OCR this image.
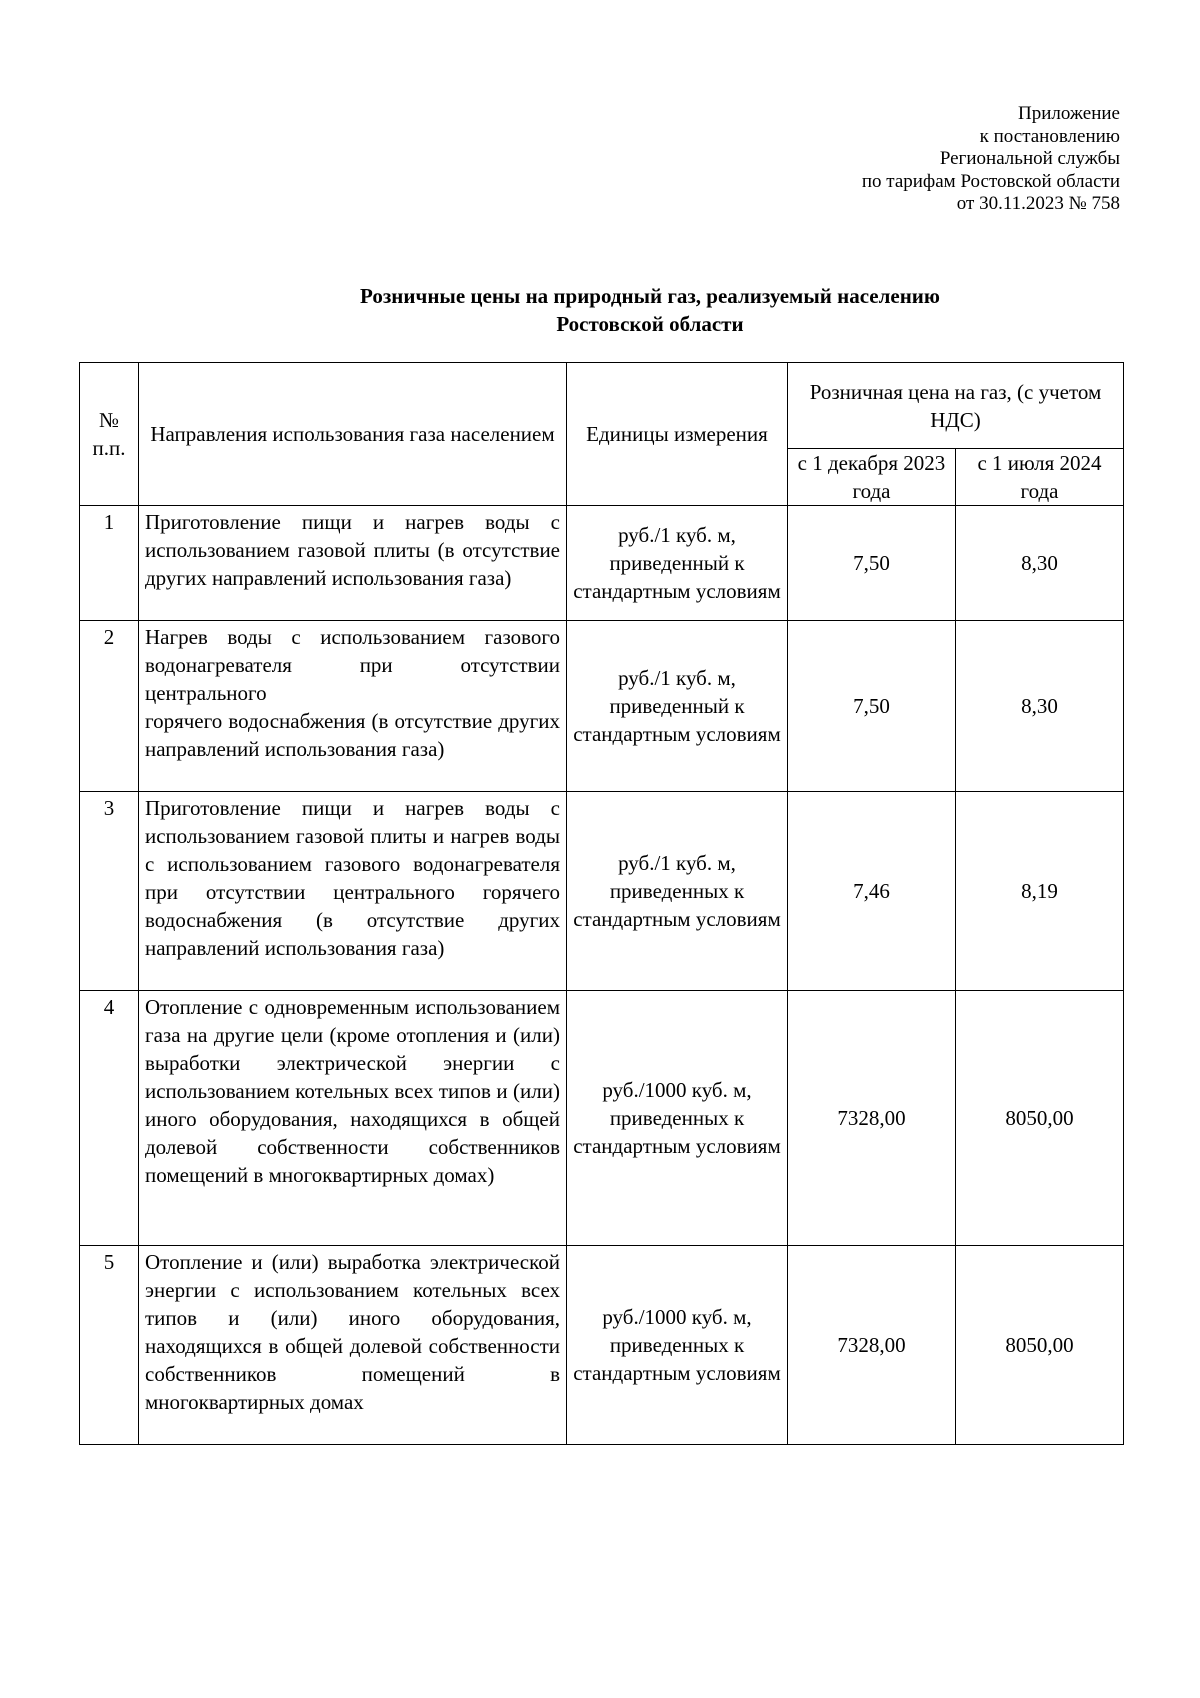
Приложение
к постановлению
Региональной службы
по тарифам Ростовской области
от 30.11.2023 № 758
Розничные цены на природный газ, реализуемый населению
Ростовской области
№ п.п.	Направления использования газа населением	Единицы измерения	Розничная цена на газ, (с учетом НДС)	
			с 1 декабря 2023 года	с 1 июля 2024 года
1	Приготовление пищи и нагрев воды с использованием газовой плиты (в отсутствие других направлений использования газа)	руб./1 куб. м, приведенный к стандартным условиям	7,50	8,30
2	Нагрев воды с использованием газового водонагревателя при отсутствии центрального
горячего водоснабжения (в отсутствие других направлений использования газа)	руб./1 куб. м, приведенный к стандартным условиям	7,50	8,30
3	Приготовление пищи и нагрев воды с использованием газовой плиты и нагрев воды с использованием газового водонагревателя при отсутствии центрального горячего водоснабжения (в отсутствие других направлений использования газа)	руб./1 куб. м, приведенных к стандартным условиям	7,46	8,19
4	Отопление с одновременным использованием газа на другие цели (кроме отопления и (или) выработки электрической энергии с использованием котельных всех типов и (или) иного оборудования, находящихся в общей долевой собственности собственников помещений в многоквартирных домах)	руб./1000 куб. м, приведенных к стандартным условиям	7328,00	8050,00
5	Отопление и (или) выработка электрической энергии с использованием котельных всех типов и (или) иного оборудования, находящихся в общей долевой собственности собственников помещений в многоквартирных домах	руб./1000 куб. м, приведенных к стандартным условиям	7328,00	8050,00
